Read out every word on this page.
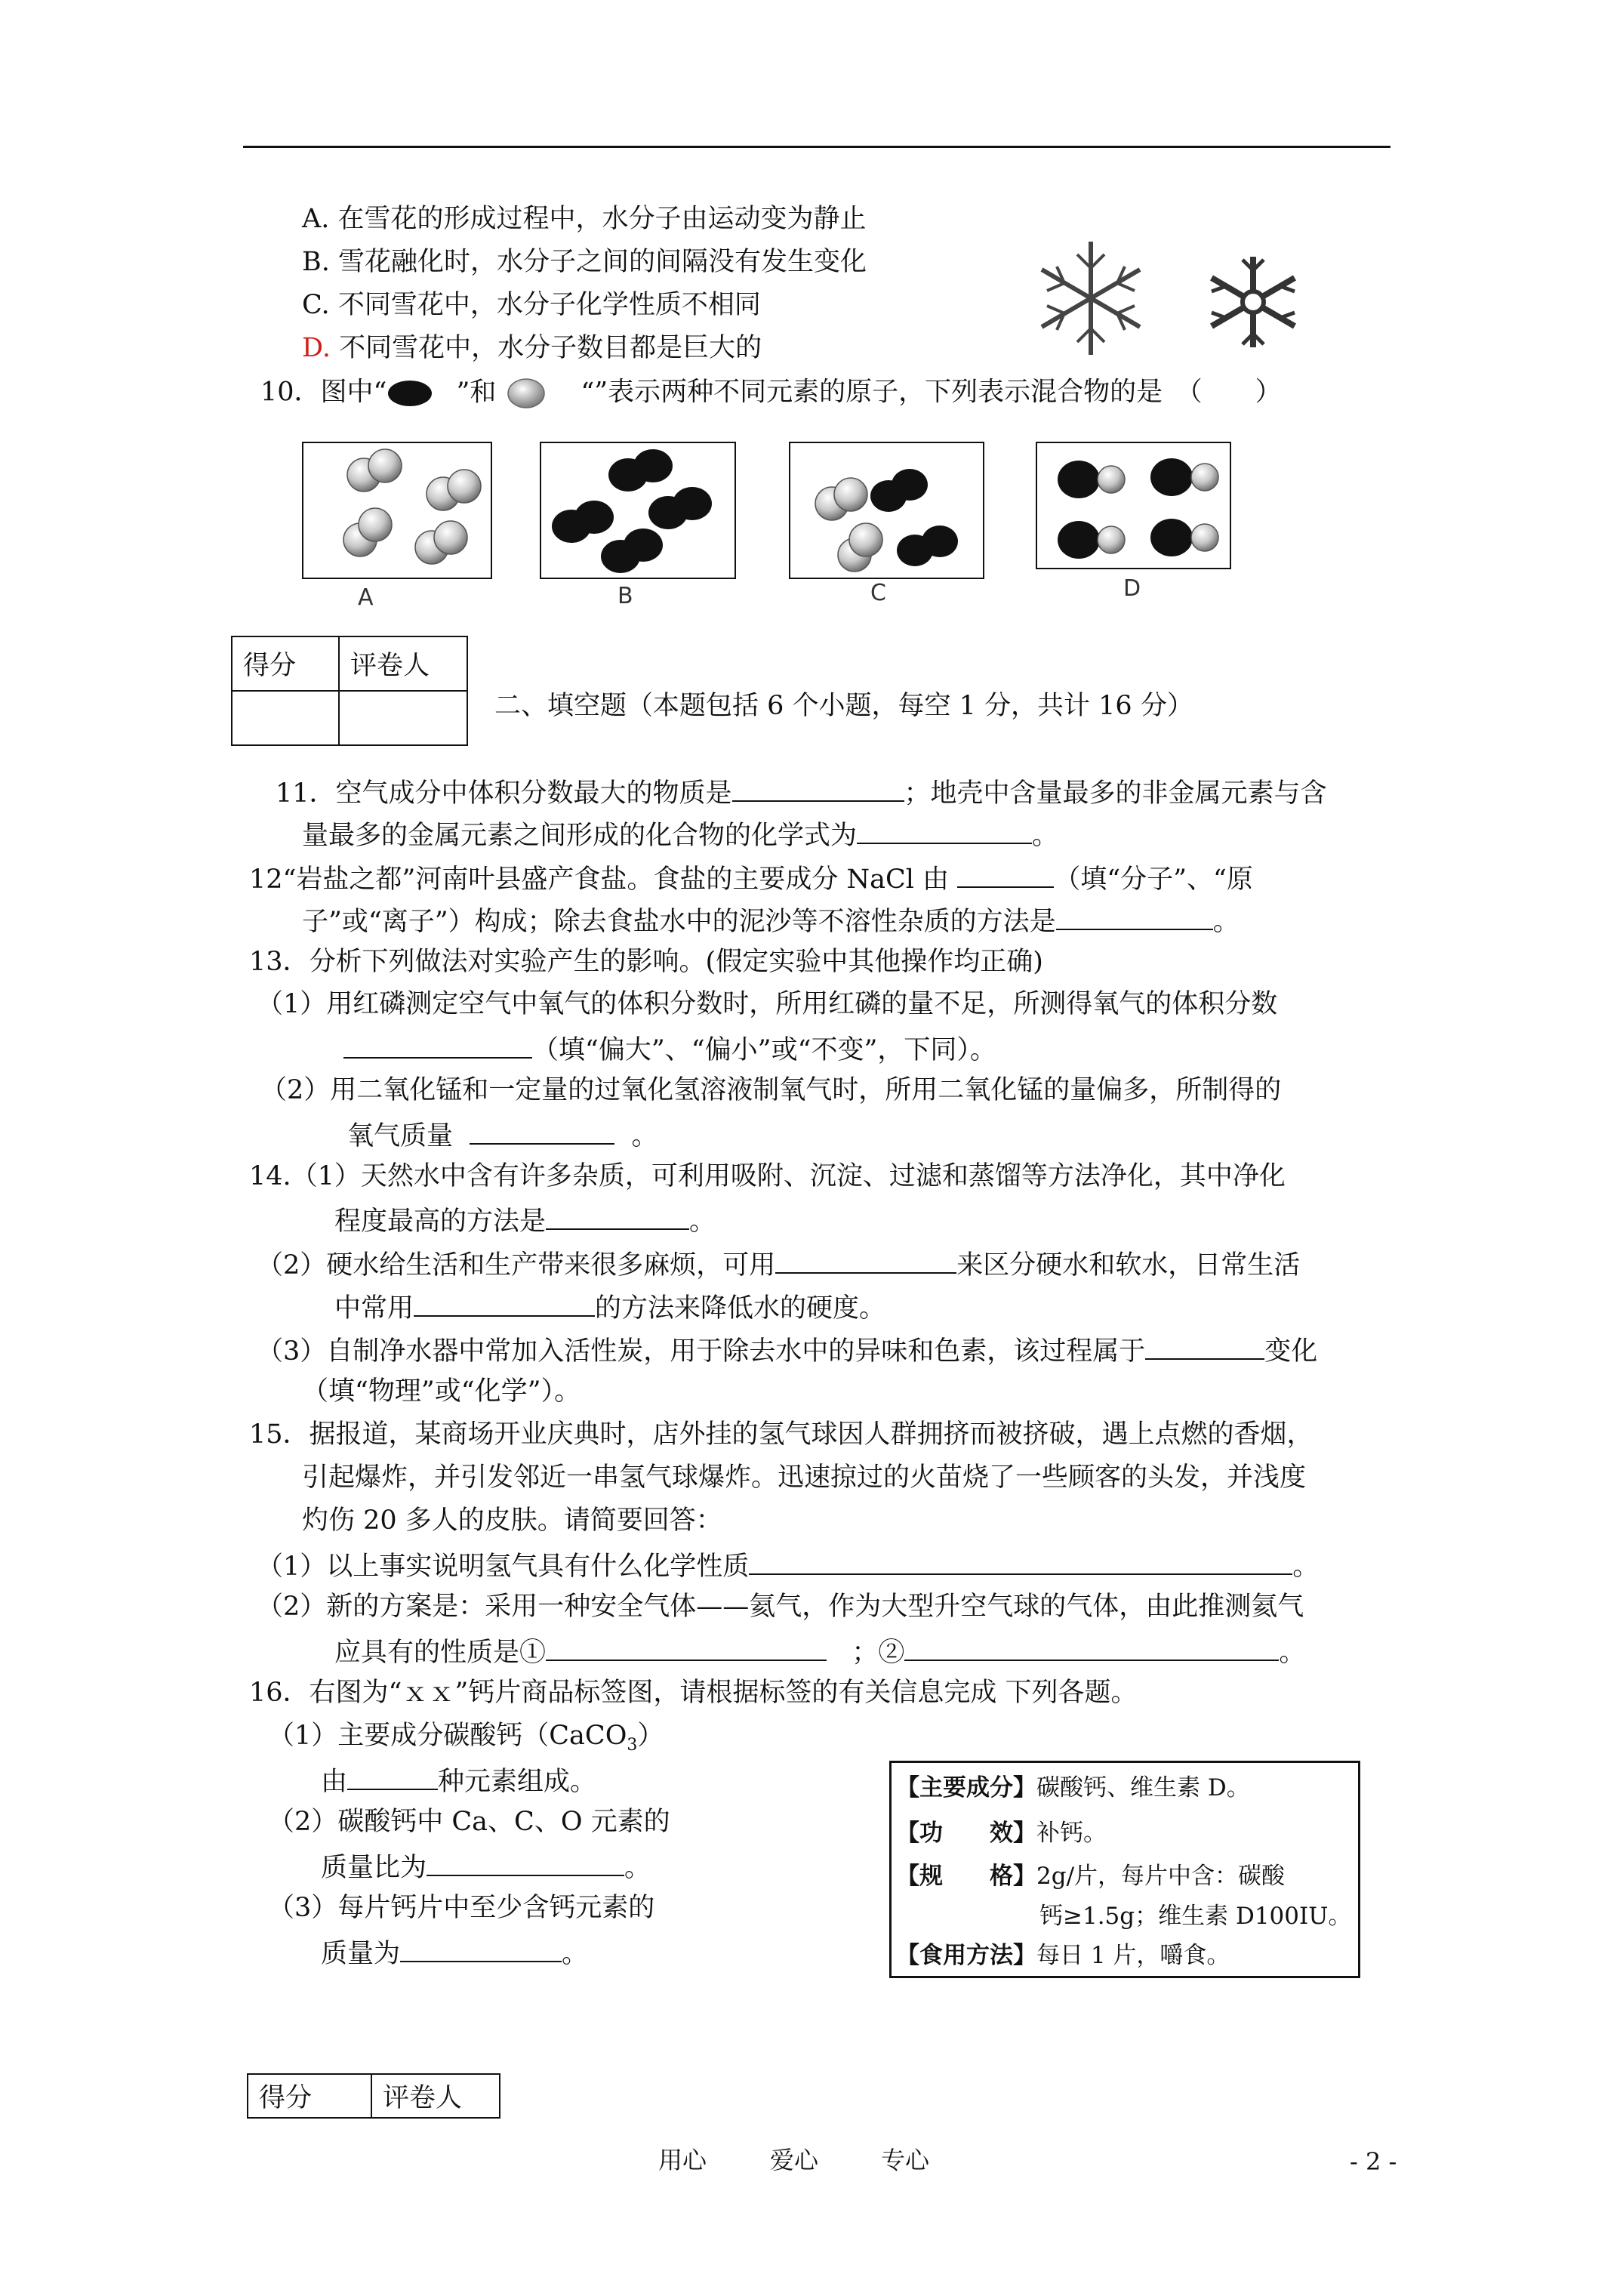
A. 在雪花的形成过程中，水分子由运动变为静止
B. 雪花融化时，水分子之间的间隔没有发生变化
C. 不同雪花中，水分子化学性质不相同
D. 不同雪花中，水分子数目都是巨大的
10．图中“	”和	“”表示两种不同元素的原子，下列表示混合物的是　（　　）
A	B	C	D
得分	评卷人

二、填空题（本题包括 6 个小题，每空 1 分，共计 16 分）
11．空气成分中体积分数最大的物质是	；地壳中含量最多的非金属元素与含
量最多的金属元素之间形成的化合物的化学式为	。
12“岩盐之都”河南叶县盛产食盐。食盐的主要成分 NaCl 由	（填“分子”、“原
子”或“离子”）构成；除去食盐水中的泥沙等不溶性杂质的方法是	。
13．分析下列做法对实验产生的影响。(假定实验中其他操作均正确)
（1）用红磷测定空气中氧气的体积分数时，所用红磷的量不足，所测得氧气的体积分数
（填“偏大”、“偏小”或“不变”，下同）。
（2）用二氧化锰和一定量的过氧化氢溶液制氧气时，所用二氧化锰的量偏多，所制得的
氧气质量	。
14.（1）天然水中含有许多杂质，可利用吸附、沉淀、过滤和蒸馏等方法净化，其中净化
程度最高的方法是	。
（2）硬水给生活和生产带来很多麻烦，可用	来区分硬水和软水，日常生活
中常用	的方法来降低水的硬度。
（3）自制净水器中常加入活性炭，用于除去水中的异味和色素，该过程属于	变化
（填“物理”或“化学”）。
15．据报道，某商场开业庆典时，店外挂的氢气球因人群拥挤而被挤破，遇上点燃的香烟，
引起爆炸，并引发邻近一串氢气球爆炸。迅速掠过的火苗烧了一些顾客的头发，并浅度
灼伤 20 多人的皮肤。请简要回答：
（1）以上事实说明氢气具有什么化学性质	。
（2）新的方案是：采用一种安全气体——氦气，作为大型升空气球的气体，由此推测氦气
应具有的性质是①	；②	。
16．右图为“ｘｘ”钙片商品标签图，请根据标签的有关信息完成 下列各题。
（1）主要成分碳酸钙（CaCO$_3$）
由	种元素组成。
（2）碳酸钙中 Ca、C、O 元素的
质量比为	。
（3）每片钙片中至少含钙元素的
质量为	。
【主要成分】碳酸钙、维生素 D。
【功　　效】补钙。
【规　　格】2g/片，每片中含：碳酸
钙≥1.5g；维生素 D100IU。
【食用方法】每日 1 片，嚼食。
得分	评卷人
用心	爱心	专心	- 2 -
